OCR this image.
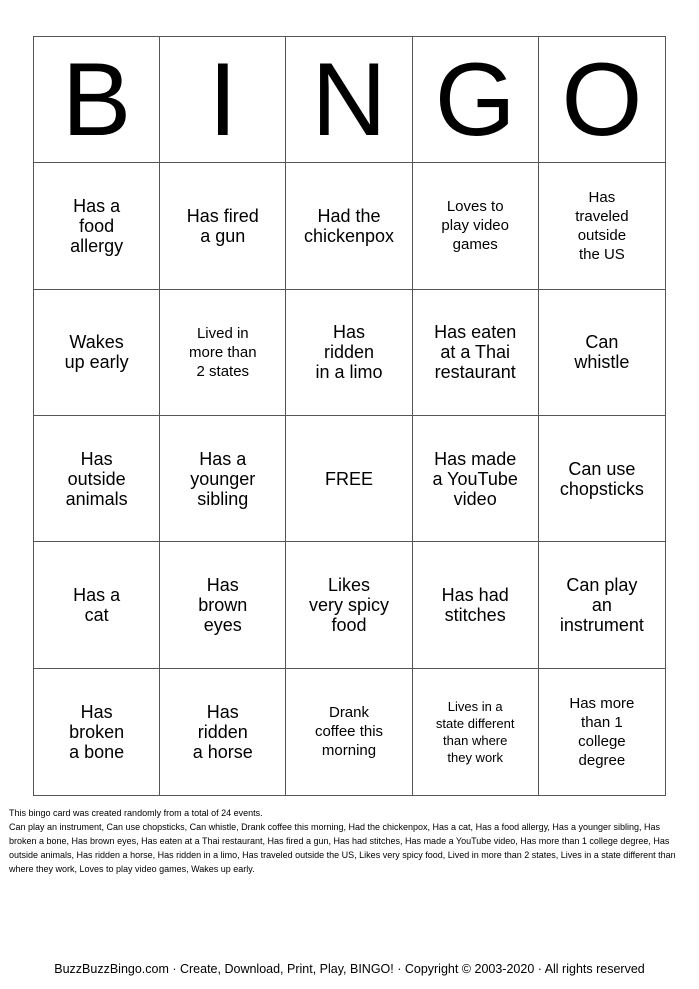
B I N G O
Has a
food
allergy
Has fired
a gun
Had the
chickenpox
Loves to
play video
games
Has
traveled
outside
the US
Wakes
up early
Lived in
more than
2 states
Has
ridden
in a limo
Has eaten
at a Thai
restaurant
Can
whistle
Has
outside
animals
Has a
younger
sibling
FREE
Has made
a YouTube
video
Can use
chopsticks
Has a
cat
Has
brown
eyes
Likes
very spicy
food
Has had
stitches
Can play
an
instrument
Has
broken
a bone
Has
ridden
a horse
Drank
coffee this
morning
Lives in a
state different
than where
they work
Has more
than 1
college
degree
This bingo card was created randomly from a total of 24 events.
Can play an instrument, Can use chopsticks, Can whistle, Drank coffee this morning, Had the chickenpox, Has a cat, Has a food allergy, Has a younger sibling, Has broken a bone, Has brown eyes, Has eaten at a Thai restaurant, Has fired a gun, Has had stitches, Has made a YouTube video, Has more than 1 college degree, Has outside animals, Has ridden a horse, Has ridden in a limo, Has traveled outside the US, Likes very spicy food, Lived in more than 2 states, Lives in a state different than where they work, Loves to play video games, Wakes up early.
BuzzBuzzBingo.com · Create, Download, Print, Play, BINGO! · Copyright © 2003-2020 · All rights reserved
